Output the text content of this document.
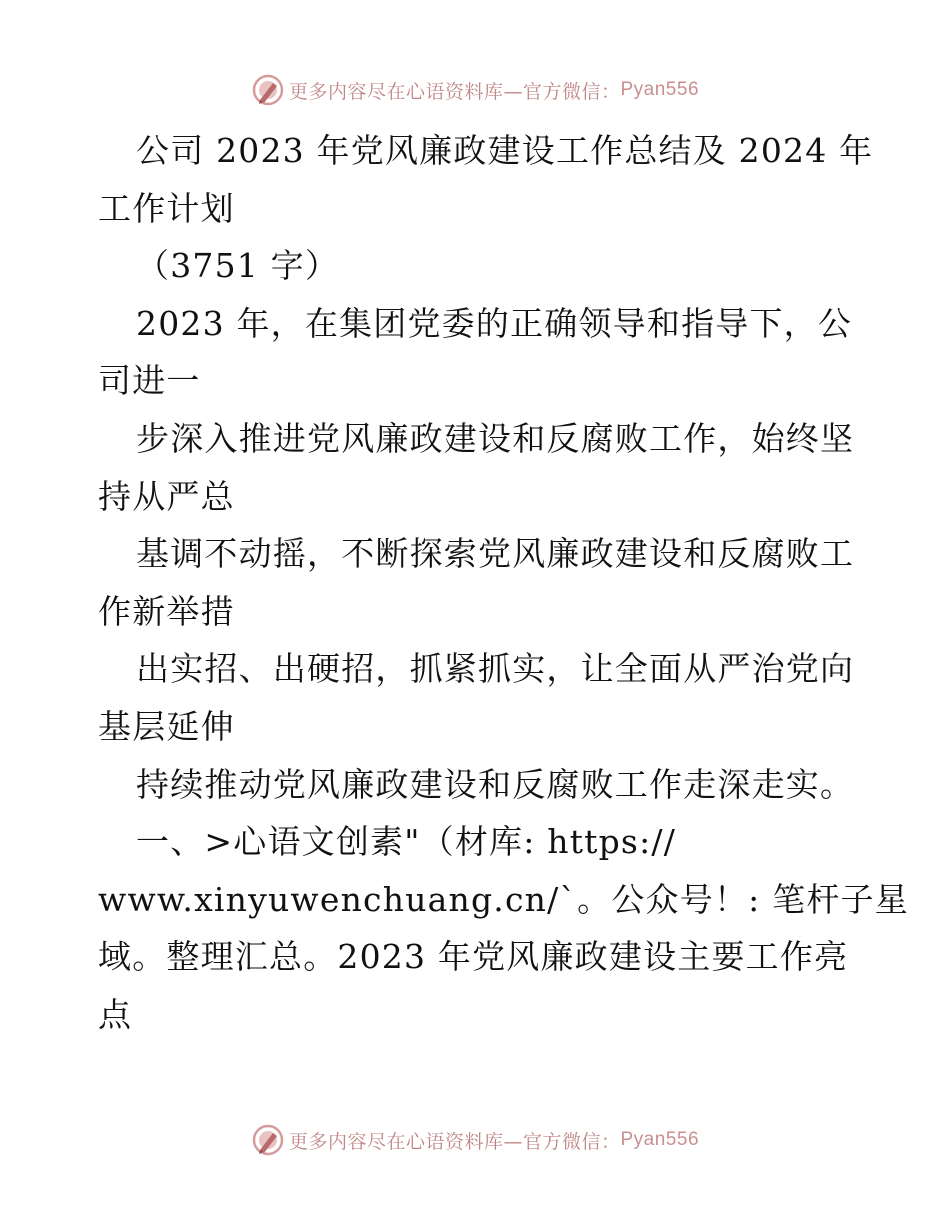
更多内容尽在心语资料库—官方微信： Pyan556
公司 2023 年党风廉政建设工作总结及 2024 年
工作计划
（3751 字）
2023 年，在集团党委的正确领导和指导下，公
司进一
步深入推进党风廉政建设和反腐败工作，始终坚
持从严总
基调不动摇，不断探索党风廉政建设和反腐败工
作新举措
出实招、出硬招，抓紧抓实，让全面从严治党向
基层延伸
持续推动党风廉政建设和反腐败工作走深走实。
一、>心语文创素"（材库: https://
www.xinyuwenchuang.cn/`。公众号！: 笔杆子星
域。整理汇总。2023 年党风廉政建设主要工作亮
点
更多内容尽在心语资料库—官方微信： Pyan556
